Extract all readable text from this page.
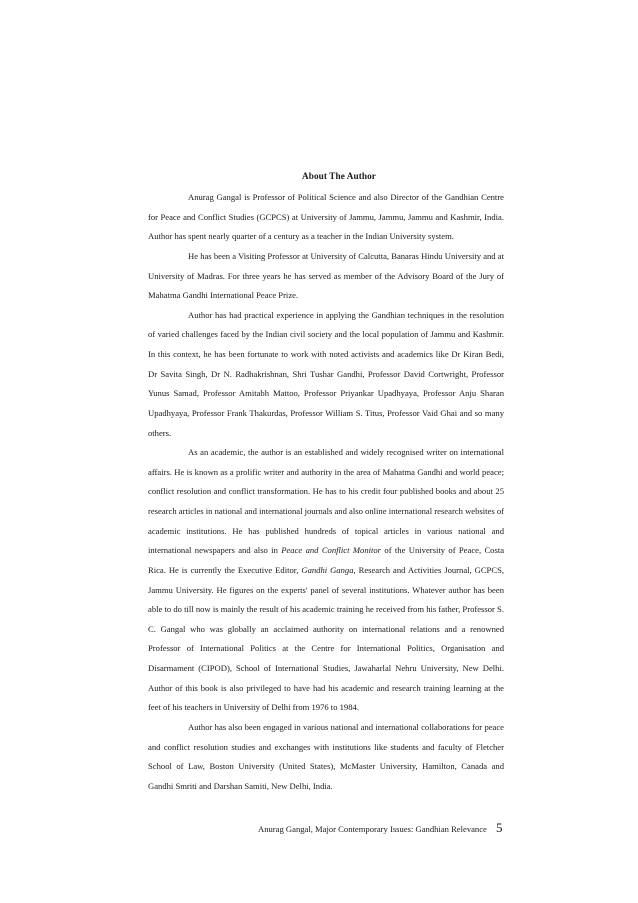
About The Author

Anurag Gangal is Professor of Political Science and also Director of the Gandhian Centre for Peace and Conflict Studies (GCPCS) at University of Jammu, Jammu, Jammu and Kashmir, India. Author has spent nearly quarter of a century as a teacher in the Indian University system.

He has been a Visiting Professor at University of Calcutta, Banaras Hindu University and at University of Madras. For three years he has served as member of the Advisory Board of the Jury of Mahatma Gandhi International Peace Prize.

Author has had practical experience in applying the Gandhian techniques in the resolution of varied challenges faced by the Indian civil society and the local population of Jammu and Kashmir. In this context, he has been fortunate to work with noted activists and academics like Dr Kiran Bedi, Dr Savita Singh, Dr N. Radhakrishnan, Shri Tushar Gandhi, Professor David Cortwright, Professor Yunus Samad, Professor Amitabh Mattoo, Professor Priyankar Upadhyaya, Professor Anju Sharan Upadhyaya, Professor Frank Thakurdas, Professor William S. Titus, Professor Vaid Ghai and so many others.

As an academic, the author is an established and widely recognised writer on international affairs. He is known as a prolific writer and authority in the area of Mahatma Gandhi and world peace; conflict resolution and conflict transformation. He has to his credit four published books and about 25 research articles in national and international journals and also online international research websites of academic institutions. He has published hundreds of topical articles in various national and international newspapers and also in Peace and Conflict Monitor of the University of Peace, Costa Rica. He is currently the Executive Editor, Gandhi Ganga, Research and Activities Journal, GCPCS, Jammu University. He figures on the experts' panel of several institutions. Whatever author has been able to do till now is mainly the result of his academic training he received from his father, Professor S. C. Gangal who was globally an acclaimed authority on international relations and a renowned Professor of International Politics at the Centre for International Politics, Organisation and Disarmament (CIPOD), School of International Studies, Jawaharlal Nehru University, New Delhi. Author of this book is also privileged to have had his academic and research training learning at the feet of his teachers in University of Delhi from 1976 to 1984.

Author has also been engaged in various national and international collaborations for peace and conflict resolution studies and exchanges with institutions like students and faculty of Fletcher School of Law, Boston University (United States), McMaster University, Hamilton, Canada and Gandhi Smriti and Darshan Samiti, New Delhi, India.

Anurag Gangal, Major Contemporary Issues: Gandhian Relevance 5
